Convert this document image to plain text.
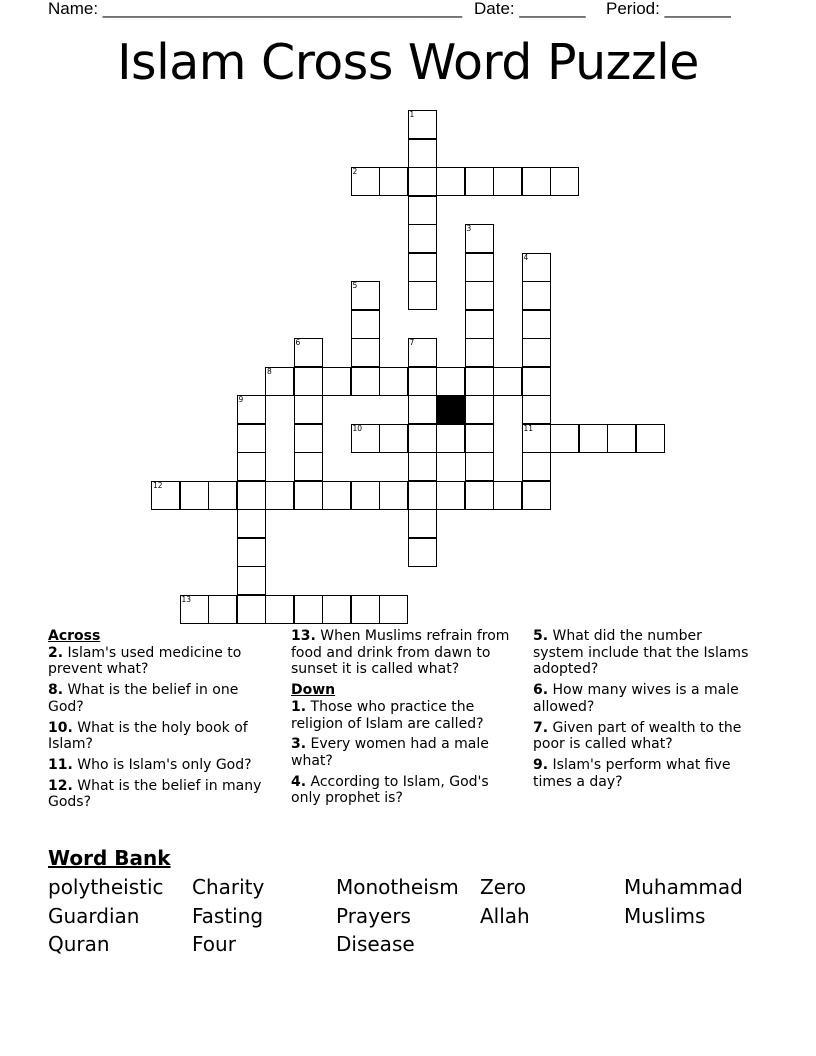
Name: ______________________________________ Date: _______ Period: _______
Islam Cross Word Puzzle
1
2
3
4
11
5
6	7
8
9
10
12
13

Across

2. Islam's used medicine to prevent what?

8. What is the belief in one God?

10. What is the holy book of Islam?

11. Who is Islam's only God?

12. What is the belief in many Gods?

13. When Muslims refrain from food and drink from dawn to sunset it is called what?

Down

1. Those who practice the religion of Islam are called?

3. Every women had a male what?

4. According to Islam, God's only prophet is?

5. What did the number system include that the Islams adopted?

6. How many wives is a male allowed?

7. Given part of wealth to the poor is called what?

9. Islam's perform what five times a day?

Word Bank
polytheistic	Charity	Monotheism	Zero	Muhammad
Guardian	Fasting	Prayers	Allah	Muslims
Quran	Four	Disease
